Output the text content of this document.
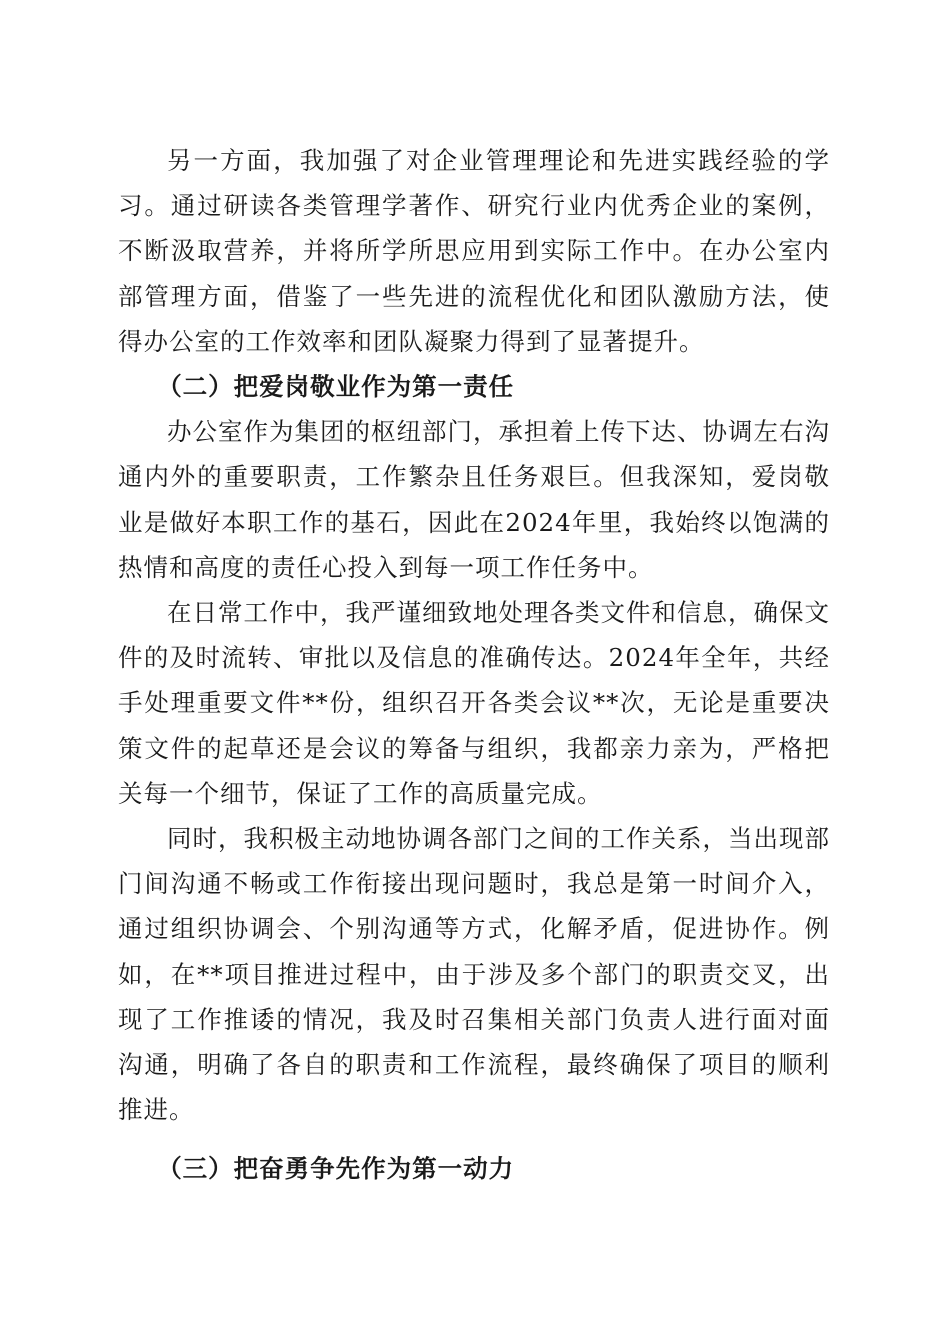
另一方面，我加强了对企业管理理论和先进实践经验的学习。通过研读各类管理学著作、研究行业内优秀企业的案例，不断汲取营养，并将所学所思应用到实际工作中。在办公室内部管理方面，借鉴了一些先进的流程优化和团队激励方法，使得办公室的工作效率和团队凝聚力得到了显著提升。

（二）把爱岗敬业作为第一责任

办公室作为集团的枢纽部门，承担着上传下达、协调左右沟通内外的重要职责，工作繁杂且任务艰巨。但我深知，爱岗敬业是做好本职工作的基石，因此在2024年里，我始终以饱满的热情和高度的责任心投入到每一项工作任务中。

在日常工作中，我严谨细致地处理各类文件和信息，确保文件的及时流转、审批以及信息的准确传达。2024年全年，共经手处理重要文件**份，组织召开各类会议**次，无论是重要决策文件的起草还是会议的筹备与组织，我都亲力亲为，严格把关每一个细节，保证了工作的高质量完成。

同时，我积极主动地协调各部门之间的工作关系，当出现部门间沟通不畅或工作衔接出现问题时，我总是第一时间介入，通过组织协调会、个别沟通等方式，化解矛盾，促进协作。例如，在**项目推进过程中，由于涉及多个部门的职责交叉，出现了工作推诿的情况，我及时召集相关部门负责人进行面对面沟通，明确了各自的职责和工作流程，最终确保了项目的顺利推进。

（三）把奋勇争先作为第一动力
